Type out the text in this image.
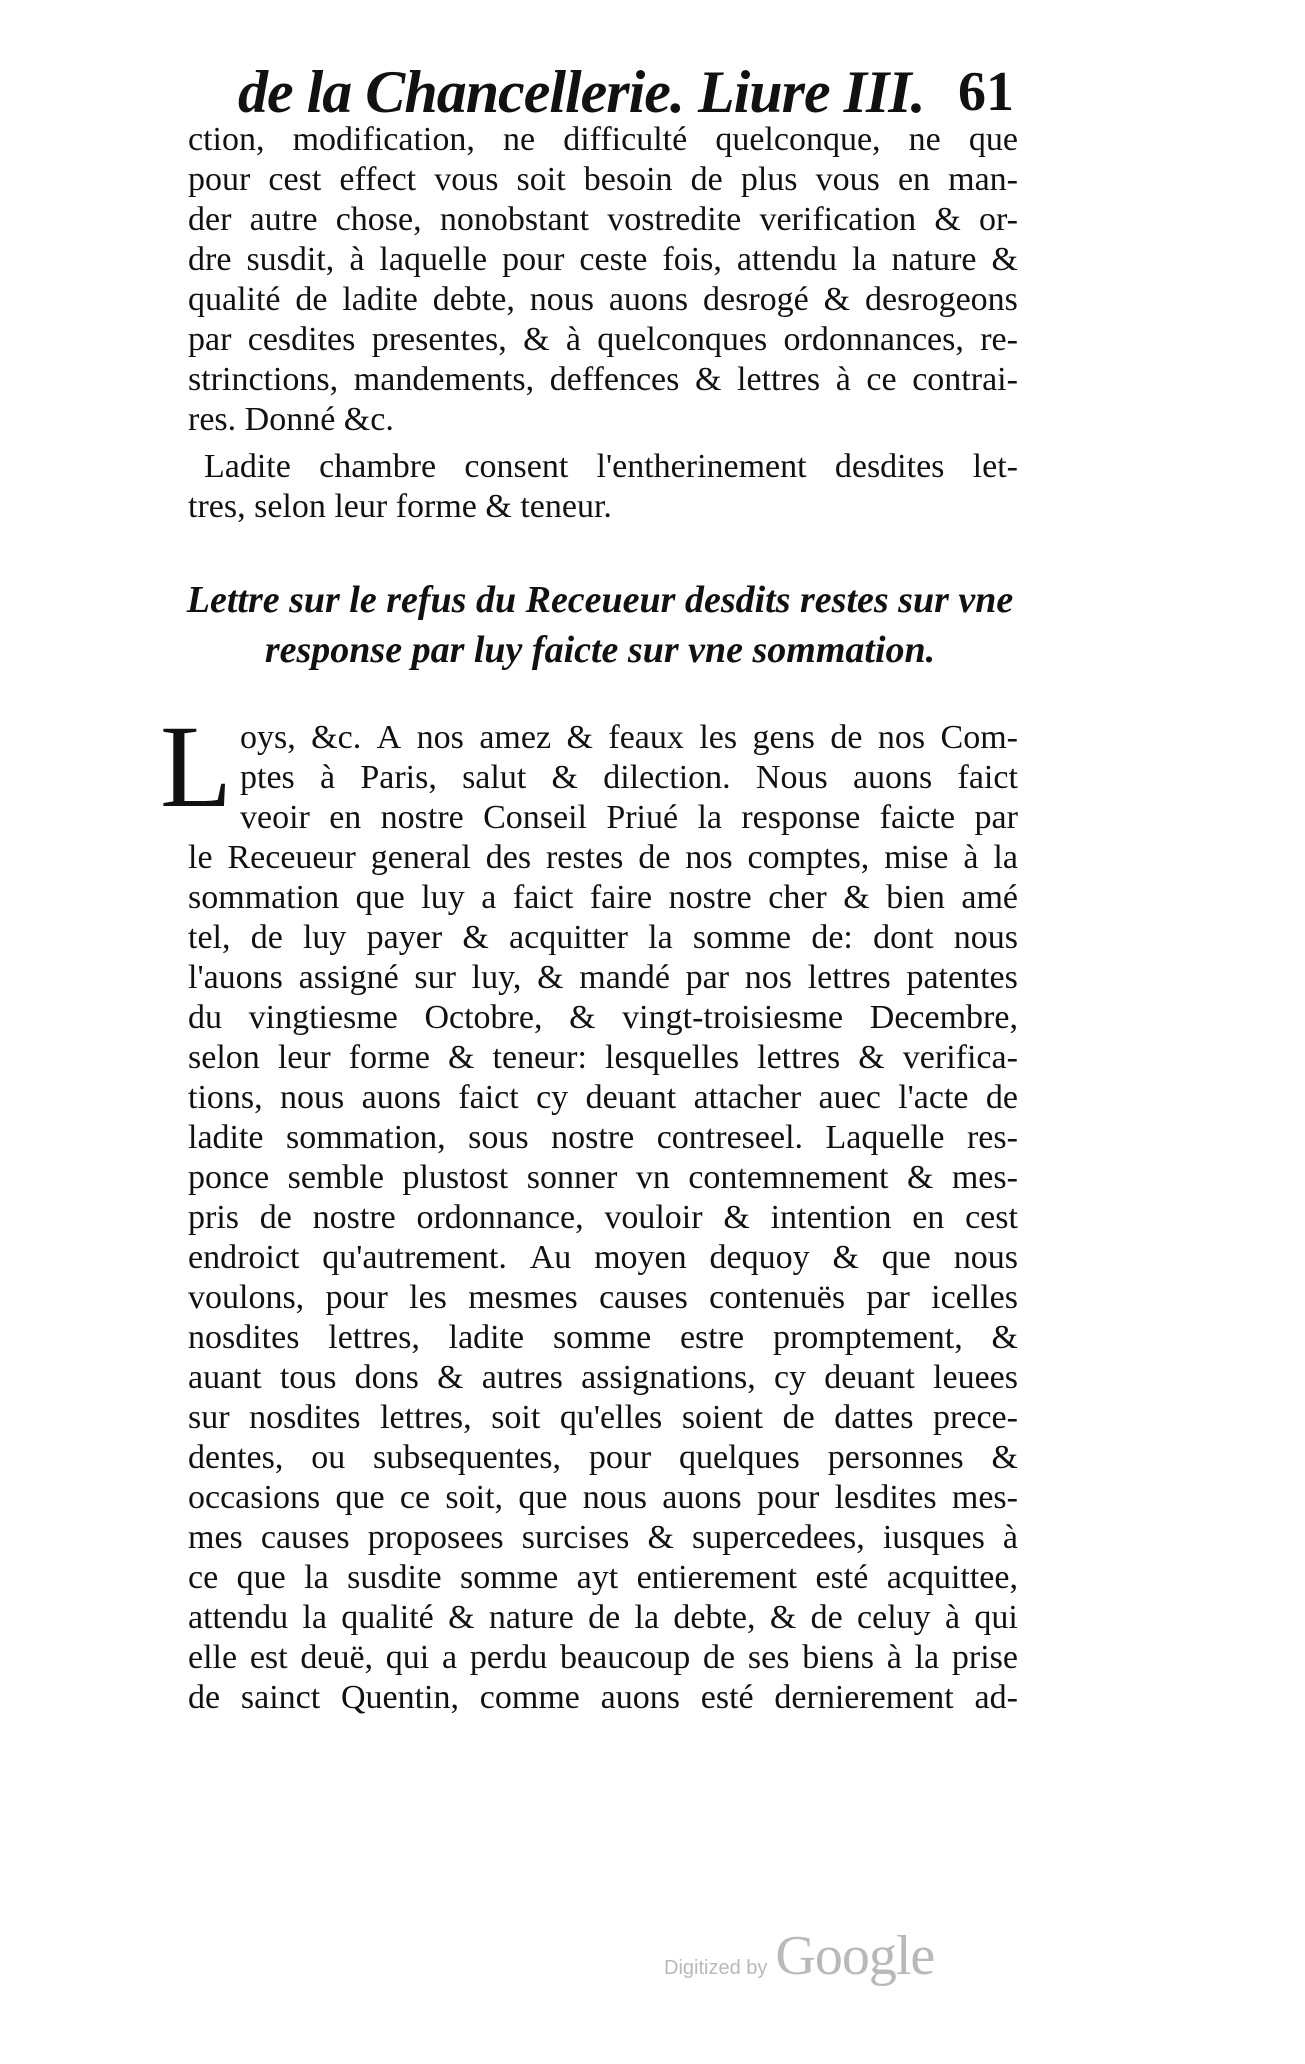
de la Chancellerie. Liure III. 61
ction, modification, ne difficulté quelconque, ne que
pour cest effect vous soit besoin de plus vous en man-
der autre chose, nonobstant vostredite verification & or-
dre susdit, à laquelle pour ceste fois, attendu la nature &
qualité de ladite debte, nous auons desrogé & desrogeons
par cesdites presentes, & à quelconques ordonnances, re-
strinctions, mandements, deffences & lettres à ce contrai-
res. Donné &c.
Ladite chambre consent l'entherinement desdites let-
tres, selon leur forme & teneur.
Lettre sur le refus du Receueur desdits restes sur vne
response par luy faicte sur vne sommation.
L oys, &c. A nos amez & feaux les gens de nos Com-
ptes à Paris, salut & dilection. Nous auons faict
veoir en nostre Conseil Priué la response faicte par
le Receueur general des restes de nos comptes, mise à la
sommation que luy a faict faire nostre cher & bien amé
tel, de luy payer & acquitter la somme de: dont nous
l'auons assigné sur luy, & mandé par nos lettres patentes
du vingtiesme Octobre, & vingt-troisiesme Decembre,
selon leur forme & teneur: lesquelles lettres & verifica-
tions, nous auons faict cy deuant attacher auec l'acte de
ladite sommation, sous nostre contreseel. Laquelle res-
ponce semble plustost sonner vn contemnement & mes-
pris de nostre ordonnance, vouloir & intention en cest
endroict qu'autrement. Au moyen dequoy & que nous
voulons, pour les mesmes causes contenuës par icelles
nosdites lettres, ladite somme estre promptement, &
auant tous dons & autres assignations, cy deuant leuees
sur nosdites lettres, soit qu'elles soient de dattes prece-
dentes, ou subsequentes, pour quelques personnes &
occasions que ce soit, que nous auons pour lesdites mes-
mes causes proposees surcises & supercedees, iusques à
ce que la susdite somme ayt entierement esté acquittee,
attendu la qualité & nature de la debte, & de celuy à qui
elle est deuë, qui a perdu beaucoup de ses biens à la prise
de sainct Quentin, comme auons esté dernierement ad-
Digitized by Google
